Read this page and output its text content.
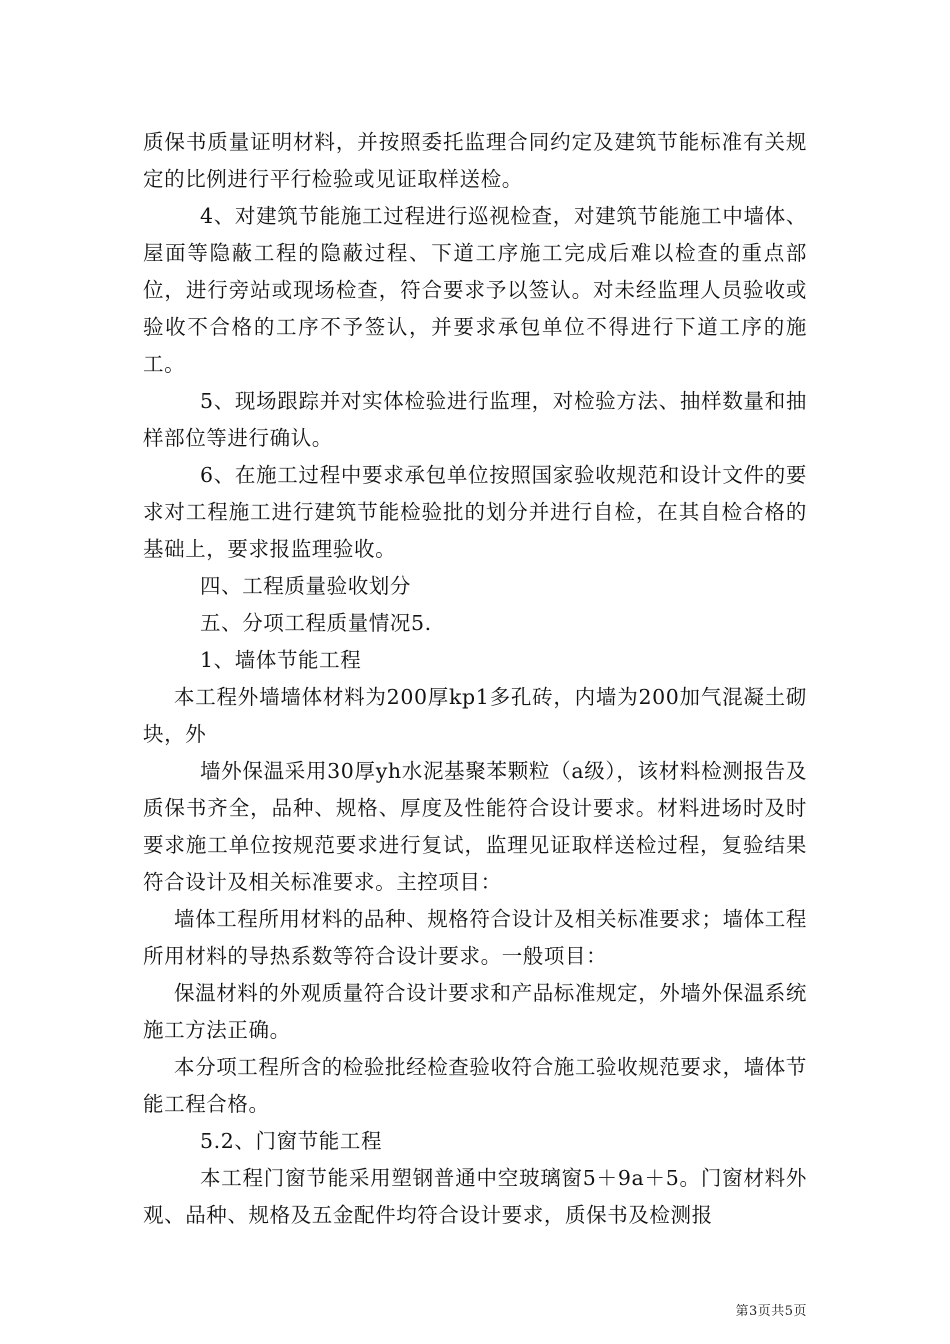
质保书质量证明材料，并按照委托监理合同约定及建筑节能标准有关规定的比例进行平行检验或见证取样送检。

4、对建筑节能施工过程进行巡视检查，对建筑节能施工中墙体、屋面等隐蔽工程的隐蔽过程、下道工序施工完成后难以检查的重点部位，进行旁站或现场检查，符合要求予以签认。对未经监理人员验收或验收不合格的工序不予签认，并要求承包单位不得进行下道工序的施工。

5、现场跟踪并对实体检验进行监理，对检验方法、抽样数量和抽样部位等进行确认。

6、在施工过程中要求承包单位按照国家验收规范和设计文件的要求对工程施工进行建筑节能检验批的划分并进行自检，在其自检合格的基础上，要求报监理验收。

四、工程质量验收划分

五、分项工程质量情况5.

1、墙体节能工程

本工程外墙墙体材料为200厚kp1多孔砖，内墙为200加气混凝土砌块，外

墙外保温采用30厚yh水泥基聚苯颗粒（a级），该材料检测报告及质保书齐全，品种、规格、厚度及性能符合设计要求。材料进场时及时要求施工单位按规范要求进行复试，监理见证取样送检过程，复验结果符合设计及相关标准要求。主控项目：

墙体工程所用材料的品种、规格符合设计及相关标准要求；墙体工程所用材料的导热系数等符合设计要求。一般项目：

保温材料的外观质量符合设计要求和产品标准规定，外墙外保温系统施工方法正确。

本分项工程所含的检验批经检查验收符合施工验收规范要求，墙体节能工程合格。

5.2、门窗节能工程

本工程门窗节能采用塑钢普通中空玻璃窗5＋9a＋5。门窗材料外观、品种、规格及五金配件均符合设计要求，质保书及检测报

第3页共5页
